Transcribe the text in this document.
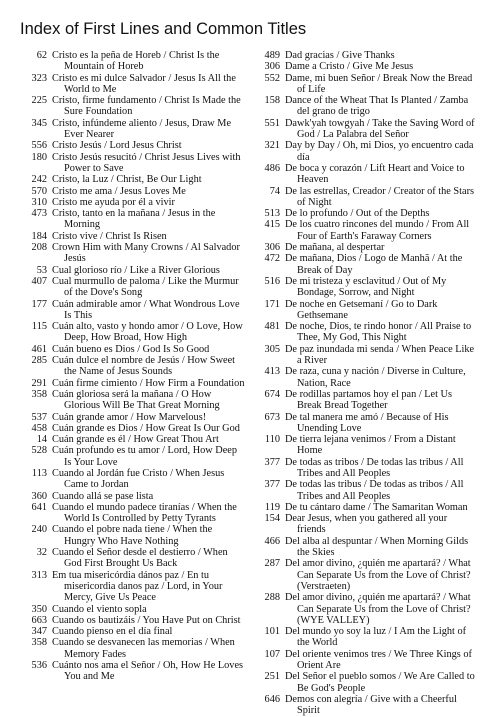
Index of First Lines and Common Titles
62 Cristo es la peña de Horeb / Christ Is the Mountain of Horeb
323 Cristo es mi dulce Salvador / Jesus Is All the World to Me
225 Cristo, firme fundamento / Christ Is Made the Sure Foundation
345 Cristo, infúndeme aliento / Jesus, Draw Me Ever Nearer
556 Cristo Jesús / Lord Jesus Christ
180 Cristo Jesús resucitó / Christ Jesus Lives with Power to Save
242 Cristo, la Luz / Christ, Be Our Light
570 Cristo me ama / Jesus Loves Me
310 Cristo me ayuda por él a vivir
473 Cristo, tanto en la mañana / Jesus in the Morning
184 Cristo vive / Christ Is Risen
208 Crown Him with Many Crowns / Al Salvador Jesús
53 Cual glorioso río / Like a River Glorious
407 Cual murmullo de paloma / Like the Murmur of the Dove's Song
177 Cuán admirable amor / What Wondrous Love Is This
115 Cuán alto, vasto y hondo amor / O Love, How Deep, How Broad, How High
461 Cuán bueno es Dios / God Is So Good
285 Cuán dulce el nombre de Jesús / How Sweet the Name of Jesus Sounds
291 Cuán firme cimiento / How Firm a Foundation
358 Cuán gloriosa será la mañana / O How Glorious Will Be That Great Morning
537 Cuán grande amor / How Marvelous!
458 Cuán grande es Dios / How Great Is Our God
14 Cuán grande es él / How Great Thou Art
528 Cuán profundo es tu amor / Lord, How Deep Is Your Love
113 Cuando al Jordán fue Cristo / When Jesus Came to Jordan
360 Cuando allá se pase lista
641 Cuando el mundo padece tiranías / When the World Is Controlled by Petty Tyrants
240 Cuando el pobre nada tiene / When the Hungry Who Have Nothing
32 Cuando el Señor desde el destierro / When God First Brought Us Back
313 Em tua misericórdia dános paz / En tu misericordia danos paz / Lord, in Your Mercy, Give Us Peace
350 Cuando el viento sopla
663 Cuando os bautizáis / You Have Put on Christ
347 Cuando pienso en el día final
358 Cuando se desvanecen las memorias / When Memory Fades
536 Cuánto nos ama el Señor / Oh, How He Loves You and Me
489 Dad gracias / Give Thanks
306 Dame a Cristo / Give Me Jesus
552 Dame, mi buen Señor / Break Now the Bread of Life
158 Dance of the Wheat That Is Planted / Zamba del grano de trigo
551 Dawk'yah towgyah / Take the Saving Word of God / La Palabra del Señor
321 Day by Day / Oh, mi Dios, yo encuentro cada día
486 De boca y corazón / Lift Heart and Voice to Heaven
74 De las estrellas, Creador / Creator of the Stars of Night
513 De lo profundo / Out of the Depths
415 De los cuatro rincones del mundo / From All Four of Earth's Faraway Corners
306 De mañana, al despertar
472 De mañana, Dios / Logo de Manhã / At the Break of Day
516 De mi tristeza y esclavitud / Out of My Bondage, Sorrow, and Night
171 De noche en Getsemaní / Go to Dark Gethsemane
481 De noche, Dios, te rindo honor / All Praise to Thee, My God, This Night
305 De paz inundada mi senda / When Peace Like a River
413 De raza, cuna y nación / Diverse in Culture, Nation, Race
674 De rodillas partamos hoy el pan / Let Us Break Bread Together
673 De tal manera me amó / Because of His Unending Love
110 De tierra lejana venimos / From a Distant Home
377 De todas as tribos / De todas las tribus / All Tribes and All Peoples
377 De todas las tribus / De todas as tribos / All Tribes and All Peoples
119 De tu cántaro dame / The Samaritan Woman
154 Dear Jesus, when you gathered all your friends
466 Del alba al despuntar / When Morning Gilds the Skies
287 Del amor divino, ¿quién me apartará? / What Can Separate Us from the Love of Christ? (Verstraeten)
288 Del amor divino, ¿quién me apartará? / What Can Separate Us from the Love of Christ? (WYE VALLEY)
101 Del mundo yo soy la luz / I Am the Light of the World
107 Del oriente venimos tres / We Three Kings of Orient Are
251 Del Señor el pueblo somos / We Are Called to Be God's People
646 Demos con alegría / Give with a Cheerful Spirit
